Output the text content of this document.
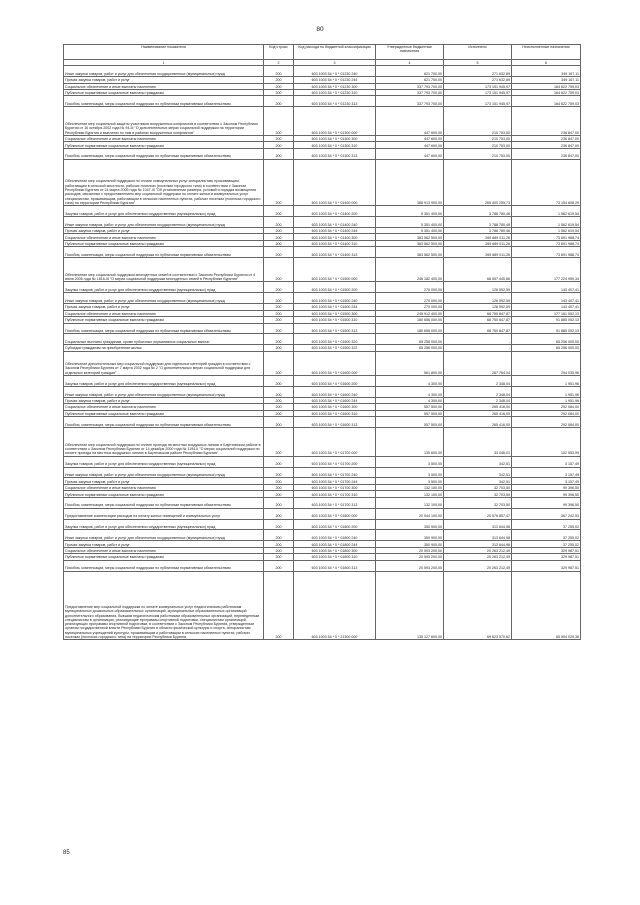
80
Наименование показателя	Код строки	Код расхода по бюджетной классификации	Утвержденные бюджетные назначения	Исполнено	Неисполненные назначения
1	2	3	4	5	6
Иные закупки товаров, работ и услуг для обеспечения государственных (муниципальных) нужд	200	603 1003 54 * 0 * 01230 240	621 700,00	271 632,89	349 167,11
Прочая закупка товаров, работ и услуг	200	603 1003 54 * 0 * 01230 244	621 700,00	271 632,89	349 167,11
Социальное обеспечение и иные выплаты населению	200	603 1003 54 * 0 * 01230 300	337 793 700,00	173 151 945,97	164 622 759,03
Публичные нормативные социальные выплаты гражданам	200	603 1003 54 * 0 * 01230 310	337 793 700,00	173 151 945,97	164 622 759,03
Пособия, компенсации, меры социальной поддержки по публичным нормативным обязательствам	200	603 1003 54 * 0 * 01230 313	337 793 700,00	173 151 945,97	164 622 759,03
Обеспечение мер социальной защиты участников вооруженных конфликтов в соответствии с Законом Республики Бурятия от 16 октября 2002 года № 94-III "О дополнительных мерах социальной поддержки на территории Республики Бурятия и выплатах по ним в районах вооруженных конфликтов"	200	603 1003 54 * 0 * 01300 000	447 600,00	210 753,00	236 847,00
Социальное обеспечение и иные выплаты населению	200	603 1003 54 * 0 * 01300 300	447 600,00	210 753,00	236 847,00
Публичные нормативные социальные выплаты гражданам	200	603 1003 54 * 0 * 01300 310	447 600,00	210 753,00	236 847,00
Пособия, компенсации, меры социальной поддержки по публичным нормативным обязательствам	200	603 1003 54 * 0 * 01300 313	447 600,00	210 753,00	236 847,00
Обеспечение мер социальной поддержки по оплате коммунальных услуг специалистам, проживающим, работающим в сельской местности, рабочих поселках (поселках городского типа) в соответствии с Законом Республики Бурятия от 24 марта 2005 года № 1047-III "Об установлении размера, условий и порядка возмещения расходов, связанных с предоставлением мер социальной поддержки по оплате жилья и коммунальных услуг специалистам, проживающим, работающим в сельских населенных пунктах, рабочих поселках (поселках городского типа) на территории Республики Бурятия"	200	603 1003 54 * 0 * 01400 000	388 913 900,00	265 400 255,73	73 154 608,29
Закупка товаров, работ и услуг для обеспечения государственных (муниципальных) нужд	200	603 1003 54 * 0 * 01400 200	5 351 400,00	3 788 780,46	1 562 619,54
Иные закупки товаров, работ и услуг для обеспечения государственных (муниципальных) нужд	200	603 1003 54 * 0 * 01400 240	5 351 400,00	3 788 780,46	1 562 619,54
Прочая закупка товаров, работ и услуг	200	603 1003 54 * 0 * 01400 244	5 351 400,00	3 788 780,46	1 562 619,54
Социальное обеспечение и иные выплаты населению	200	603 1003 54 * 0 * 01400 300	383 562 500,00	269 689 011,26	73 691 988,74
Публичные нормативные социальные выплаты гражданам	200	603 1003 54 * 0 * 01400 310	383 562 500,00	269 689 011,26	73 691 988,74
Пособия, компенсации, меры социальной поддержки по публичным нормативным обязательствам	200	603 1003 54 * 0 * 01400 313	383 562 500,00	269 689 011,26	73 691 988,74
Обеспечение мер социальной поддержки многодетных семей в соответствии с Законом Республики Бурятия от 4 июля 2006 года № 1816-III "О мерах социальной поддержки многодетных семей в Республике Бурятия"	200	603 1003 54 * 0 * 01500 000	246 182 400,00	68 957 440,66	177 224 959,34
Закупка товаров, работ и услуг для обеспечения государственных (муниципальных) нужд	200	603 1003 54 * 0 * 01500 200	270 000,00	126 592,59	143 407,41
Иные закупки товаров, работ и услуг для обеспечения государственных (муниципальных) нужд	200	603 1003 54 * 0 * 01500 240	270 000,00	126 592,59	143 407,41
Прочая закупка товаров, работ и услуг	200	603 1003 54 * 0 * 01500 244	270 000,00	126 592,59	143 407,41
Социальное обеспечение и иные выплаты населению	200	603 1003 54 * 0 * 01500 300	245 912 400,00	68 750 847,87	177 161 552,13
Публичные нормативные социальные выплаты гражданам	200	603 1003 54 * 0 * 01500 310	180 656 000,00	68 750 847,87	91 885 052,13
Пособия, компенсации, меры социальной поддержки по публичным нормативным обязательствам	200	603 1003 54 * 0 * 01500 313	180 656 000,00	68 750 847,87	91 885 052,13
Социальные выплаты гражданам, кроме публичных нормативных социальных выплат	200	603 1003 54 * 0 * 01500 320	65 256 000,00	-	65 256 000,00
Субсидии гражданам на приобретение жилья	200	603 1003 54 * 0 * 01500 322	65 256 000,00	-	65 256 000,00
Обеспечение дополнительных мер социальной поддержки для отдельных категорий граждан в соответствии с Законом Республики Бурятия от 7 марта 2002 года № 2 "О дополнительных мерах социальной поддержки для отдельных категорий граждан"	200	603 1003 54 * 0 * 01600 000	561 800,00	267 764,04	294 035,96
Закупка товаров, работ и услуг для обеспечения государственных (муниципальных) нужд	200	603 1003 54 * 0 * 01600 200	4 300,00	2 348,04	1 951,96
Иные закупки товаров, работ и услуг для обеспечения государственных (муниципальных) нужд	200	603 1003 54 * 0 * 01600 240	4 300,00	2 348,04	1 951,96
Прочая закупка товаров, работ и услуг	200	603 1003 54 * 0 * 01600 244	4 300,00	2 348,04	1 951,96
Социальное обеспечение и иные выплаты населению	200	603 1003 54 * 0 * 01600 300	557 500,00	265 416,00	292 084,00
Публичные нормативные социальные выплаты гражданам	200	603 1003 54 * 0 * 01600 310	557 500,00	265 416,00	292 084,00
Пособия, компенсации, меры социальной поддержки по публичным нормативным обязательствам	200	603 1003 54 * 0 * 01600 313	557 500,00	265 416,00	292 084,00
Обеспечение мер социальной поддержки по оплате проезда на местных воздушных линиях в Баунтовском районе в соответствии с Законом Республики Бурятия от 14 декабря 2000 года № 1194-II "О мерах социальной поддержки по оплате проезда на местных воздушных линиях в Баунтовском районе Республики Бурятия"	200	603 1003 54 * 0 * 01700 000	135 600,00	33 046,01	102 553,99
Закупка товаров, работ и услуг для обеспечения государственных (муниципальных) нужд	200	603 1003 54 * 0 * 01700 200	3 500,00	342,51	3 157,49
Иные закупки товаров, работ и услуг для обеспечения государственных (муниципальных) нужд	200	603 1003 54 * 0 * 01700 240	3 500,00	342,51	3 157,49
Прочая закупка товаров, работ и услуг	200	603 1003 54 * 0 * 01700 244	3 500,00	342,51	3 157,49
Социальное обеспечение и иные выплаты населению	200	603 1003 54 * 0 * 01700 300	132 100,00	32 703,50	99 396,50
Публичные нормативные социальные выплаты гражданам	200	603 1003 54 * 0 * 01700 310	132 100,00	32 703,50	99 396,50
Пособия, компенсации, меры социальной поддержки по публичным нормативным обязательствам	200	603 1003 54 * 0 * 01700 313	132 100,00	32 703,50	99 396,50
Предоставление компенсации расходов на оплату жилых помещений и коммунальных услуг	200	603 1003 54 * 0 * 01800 000	20 944 100,00	20 576 857,47	367 242,53
Закупка товаров, работ и услуг для обеспечения государственных (муниципальных) нужд	200	603 1003 54 * 0 * 01800 200	350 900,00	313 644,98	37 255,02
Иные закупки товаров, работ и услуг для обеспечения государственных (муниципальных) нужд	200	603 1003 54 * 0 * 01800 240	350 900,00	313 644,98	37 255,02
Прочая закупка товаров, работ и услуг	200	603 1003 54 * 0 * 01800 244	350 900,00	313 644,98	37 255,02
Социальное обеспечение и иные выплаты населению	200	603 1003 54 * 0 * 01800 300	20 593 200,00	20 263 212,49	329 987,51
Публичные нормативные социальные выплаты гражданам	200	603 1003 54 * 0 * 01800 310	20 593 200,00	20 263 212,49	329 987,51
Пособия, компенсации, меры социальной поддержки по публичным нормативным обязательствам	200	603 1003 54 * 0 * 01800 313	20 593 200,00	20 263 212,49	329 987,51
Предоставление мер социальной поддержки по оплате коммунальных услуг педагогическим работникам муниципальных дошкольных образовательных организаций, муниципальных образовательных организаций дополнительного образования, бывшим педагогическим работникам образовательных организаций, переведенным специалистам в организации, реализующие программы спортивной подготовки, специалистам организаций, реализующих программы спортивной подготовки, в соответствии с Законом Республики Бурятия, утвержденным органом государственной власти Республики Бурятия в области физической культуры и спорта, специалистам муниципальных учреждений культуры, проживающим и работающим в сельских населенных пунктах, рабочих поселках (поселках городского типа) на территории Республики Бурятия	200	603 1003 54 * 0 * 21300 000	135 127 600,00	69 623 570,62	65 504 029,38
85
